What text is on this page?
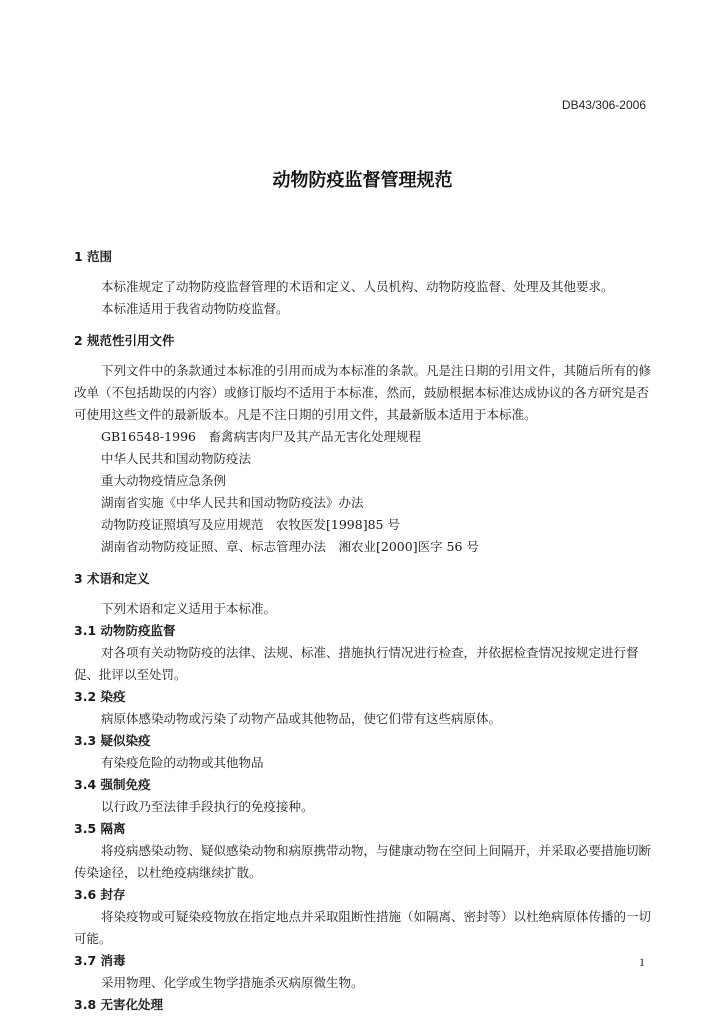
DB43/306-2006
动物防疫监督管理规范

1 范围

本标准规定了动物防疫监督管理的术语和定义、人员机构、动物防疫监督、处理及其他要求。

本标准适用于我省动物防疫监督。

2 规范性引用文件

下列文件中的条款通过本标准的引用而成为本标准的条款。凡是注日期的引用文件，其随后所有的修改单（不包括勘误的内容）或修订版均不适用于本标准，然而，鼓励根据本标准达成协议的各方研究是否可使用这些文件的最新版本。凡是不注日期的引用文件，其最新版本适用于本标准。

GB16548-1996　畜禽病害肉尸及其产品无害化处理规程

中华人民共和国动物防疫法

重大动物疫情应急条例

湖南省实施《中华人民共和国动物防疫法》办法

动物防疫证照填写及应用规范　农牧医发[1998]85 号

湖南省动物防疫证照、章、标志管理办法　湘农业[2000]医字 56 号

3 术语和定义

下列术语和定义适用于本标准。

3.1 动物防疫监督

对各项有关动物防疫的法律、法规、标准、措施执行情况进行检查，并依据检查情况按规定进行督促、批评以至处罚。

3.2 染疫

病原体感染动物或污染了动物产品或其他物品，使它们带有这些病原体。

3.3 疑似染疫

有染疫危险的动物或其他物品

3.4 强制免疫

以行政乃至法律手段执行的免疫接种。

3.5 隔离

将疫病感染动物、疑似感染动物和病原携带动物，与健康动物在空间上间隔开，并采取必要措施切断传染途径，以杜绝疫病继续扩散。

3.6 封存

将染疫物或可疑染疫物放在指定地点并采取阻断性措施（如隔离、密封等）以杜绝病原体传播的一切可能。

3.7 消毒

采用物理、化学或生物学措施杀灭病原微生物。

3.8 无害化处理

1
